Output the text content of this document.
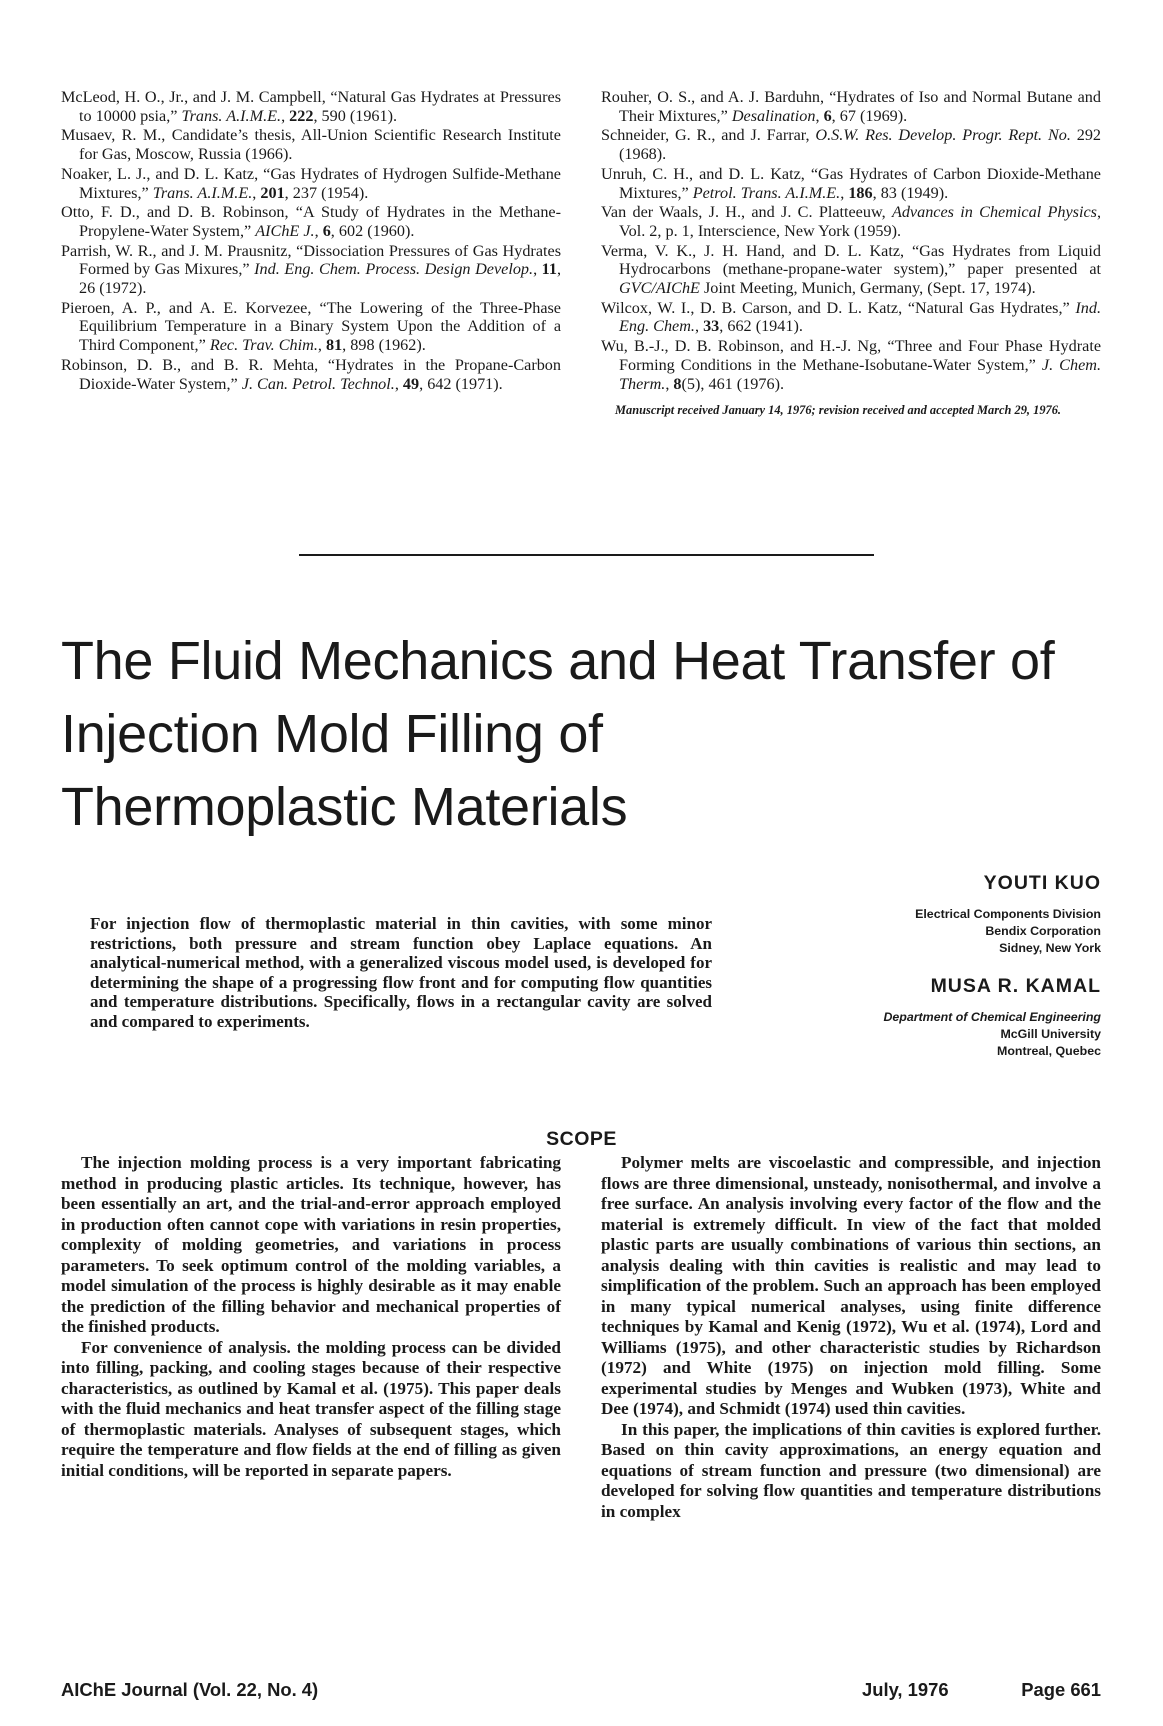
McLeod, H. O., Jr., and J. M. Campbell, “Natural Gas Hydrates at Pressures to 10000 psia,” Trans. A.I.M.E., 222, 590 (1961).

Musaev, R. M., Candidate’s thesis, All-Union Scientific Research Institute for Gas, Moscow, Russia (1966).

Noaker, L. J., and D. L. Katz, “Gas Hydrates of Hydrogen Sulfide-Methane Mixtures,” Trans. A.I.M.E., 201, 237 (1954).

Otto, F. D., and D. B. Robinson, “A Study of Hydrates in the Methane-Propylene-Water System,” AIChE J., 6, 602 (1960).

Parrish, W. R., and J. M. Prausnitz, “Dissociation Pressures of Gas Hydrates Formed by Gas Mixures,” Ind. Eng. Chem. Process. Design Develop., 11, 26 (1972).

Pieroen, A. P., and A. E. Korvezee, “The Lowering of the Three-Phase Equilibrium Temperature in a Binary System Upon the Addition of a Third Component,” Rec. Trav. Chim., 81, 898 (1962).

Robinson, D. B., and B. R. Mehta, “Hydrates in the Propane-Carbon Dioxide-Water System,” J. Can. Petrol. Technol., 49, 642 (1971).

Rouher, O. S., and A. J. Barduhn, “Hydrates of Iso and Normal Butane and Their Mixtures,” Desalination, 6, 67 (1969).

Schneider, G. R., and J. Farrar, O.S.W. Res. Develop. Progr. Rept. No. 292 (1968).

Unruh, C. H., and D. L. Katz, “Gas Hydrates of Carbon Dioxide-Methane Mixtures,” Petrol. Trans. A.I.M.E., 186, 83 (1949).

Van der Waals, J. H., and J. C. Platteeuw, Advances in Chemical Physics, Vol. 2, p. 1, Interscience, New York (1959).

Verma, V. K., J. H. Hand, and D. L. Katz, “Gas Hydrates from Liquid Hydrocarbons (methane-propane-water system),” paper presented at GVC/AIChE Joint Meeting, Munich, Germany, (Sept. 17, 1974).

Wilcox, W. I., D. B. Carson, and D. L. Katz, “Natural Gas Hydrates,” Ind. Eng. Chem., 33, 662 (1941).

Wu, B.-J., D. B. Robinson, and H.-J. Ng, “Three and Four Phase Hydrate Forming Conditions in the Methane-Isobutane-Water System,” J. Chem. Therm., 8(5), 461 (1976).

Manuscript received January 14, 1976; revision received and accepted March 29, 1976.

The Fluid Mechanics and Heat Transfer of
Injection Mold Filling of
Thermoplastic Materials

For injection flow of thermoplastic material in thin cavities, with some minor restrictions, both pressure and stream function obey Laplace equations. An analytical-numerical method, with a generalized viscous model used, is developed for determining the shape of a progressing flow front and for computing flow quantities and temperature distributions. Specifically, flows in a rectangular cavity are solved and compared to experiments.

YOUTI KUO

Electrical Components Division

Bendix Corporation

Sidney, New York

MUSA R. KAMAL

Department of Chemical Engineering

McGill University

Montreal, Quebec

SCOPE

The injection molding process is a very important fabricating method in producing plastic articles. Its technique, however, has been essentially an art, and the trial-and-error approach employed in production often cannot cope with variations in resin properties, complexity of molding geometries, and variations in process parameters. To seek optimum control of the molding variables, a model simulation of the process is highly desirable as it may enable the prediction of the filling behavior and mechanical properties of the finished products.

For convenience of analysis. the molding process can be divided into filling, packing, and cooling stages because of their respective characteristics, as outlined by Kamal et al. (1975). This paper deals with the fluid mechanics and heat transfer aspect of the filling stage of thermoplastic materials. Analyses of subsequent stages, which require the temperature and flow fields at the end of filling as given initial conditions, will be reported in separate papers.

Polymer melts are viscoelastic and compressible, and injection flows are three dimensional, unsteady, nonisothermal, and involve a free surface. An analysis involving every factor of the flow and the material is extremely difficult. In view of the fact that molded plastic parts are usually combinations of various thin sections, an analysis dealing with thin cavities is realistic and may lead to simplification of the problem. Such an approach has been employed in many typical numerical analyses, using finite difference techniques by Kamal and Kenig (1972), Wu et al. (1974), Lord and Williams (1975), and other characteristic studies by Richardson (1972) and White (1975) on injection mold filling. Some experimental studies by Menges and Wubken (1973), White and Dee (1974), and Schmidt (1974) used thin cavities.

In this paper, the implications of thin cavities is explored further. Based on thin cavity approximations, an energy equation and equations of stream function and pressure (two dimensional) are developed for solving flow quantities and temperature distributions in complex

AIChE Journal (Vol. 22, No. 4)	July, 1976	Page 661
